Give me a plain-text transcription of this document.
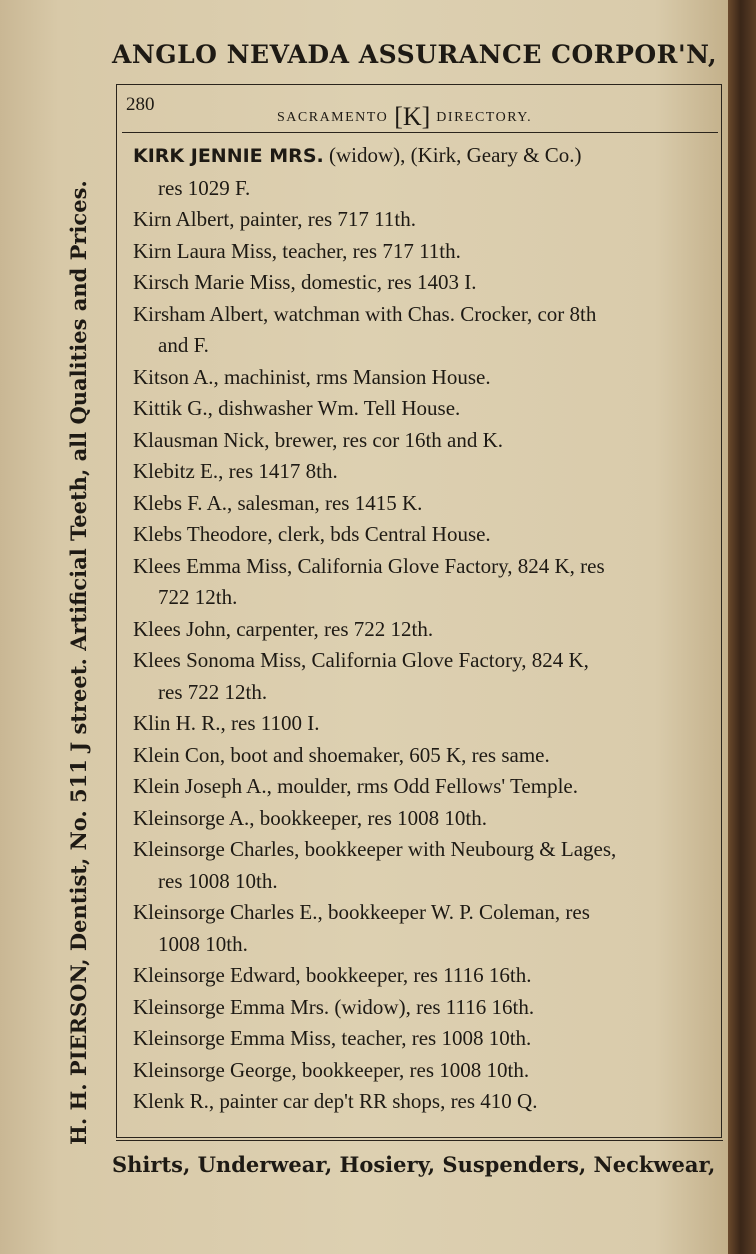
ANGLO NEVADA ASSURANCE CORPOR'N,
H. H. PIERSON, Dentist, No. 511 J street. Artificial Teeth, all Qualities and Prices.
280
SACRAMENTO [K] DIRECTORY.
KIRK JENNIE MRS. (widow), (Kirk, Geary & Co.)
res 1029 F.
Kirn Albert, painter, res 717 11th.
Kirn Laura Miss, teacher, res 717 11th.
Kirsch Marie Miss, domestic, res 1403 I.
Kirsham Albert, watchman with Chas. Crocker, cor 8th
and F.
Kitson A., machinist, rms Mansion House.
Kittik G., dishwasher Wm. Tell House.
Klausman Nick, brewer, res cor 16th and K.
Klebitz E., res 1417 8th.
Klebs F. A., salesman, res 1415 K.
Klebs Theodore, clerk, bds Central House.
Klees Emma Miss, California Glove Factory, 824 K, res
722 12th.
Klees John, carpenter, res 722 12th.
Klees Sonoma Miss, California Glove Factory, 824 K,
res 722 12th.
Klin H. R., res 1100 I.
Klein Con, boot and shoemaker, 605 K, res same.
Klein Joseph A., moulder, rms Odd Fellows' Temple.
Kleinsorge A., bookkeeper, res 1008 10th.
Kleinsorge Charles, bookkeeper with Neubourg & Lages,
res 1008 10th.
Kleinsorge Charles E., bookkeeper W. P. Coleman, res
1008 10th.
Kleinsorge Edward, bookkeeper, res 1116 16th.
Kleinsorge Emma Mrs. (widow), res 1116 16th.
Kleinsorge Emma Miss, teacher, res 1008 10th.
Kleinsorge George, bookkeeper, res 1008 10th.
Klenk R., painter car dep't RR shops, res 410 Q.
Shirts, Underwear, Hosiery, Suspenders, Neckwear,
